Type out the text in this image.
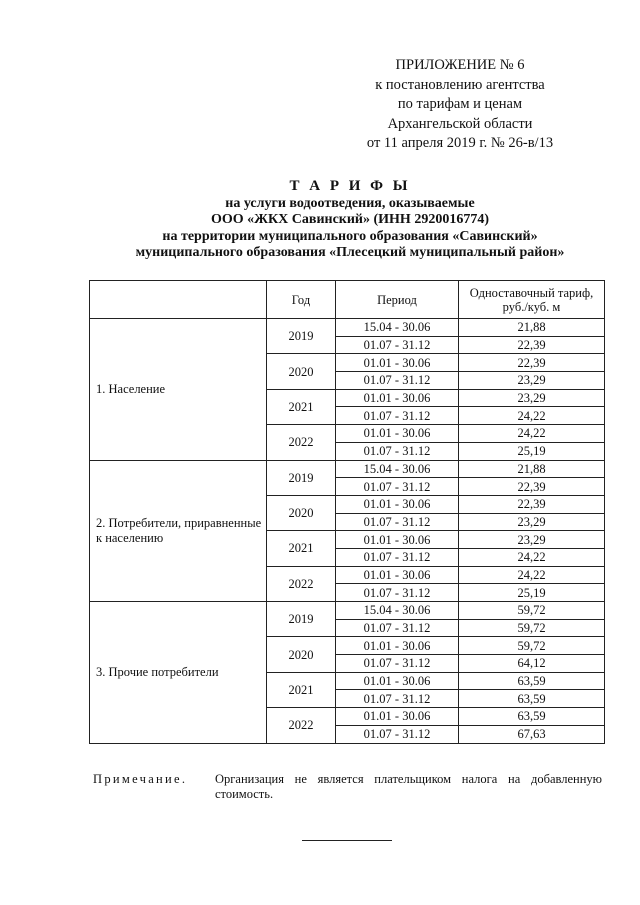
ПРИЛОЖЕНИЕ № 6
к постановлению агентства
по тарифам и ценам
Архангельской области
от 11 апреля 2019 г. № 26-в/13
Т А Р И Ф Ы
на услуги водоотведения, оказываемые
ООО «ЖКХ Савинский» (ИНН 2920016774)
на территории муниципального образования «Савинский»
муниципального образования «Плесецкий муниципальный район»
	Год	Период	Одноставочный тариф, руб./куб. м
1. Население	2019	15.04 - 30.06	21,88
		01.07 - 31.12	22,39
	2020	01.01 - 30.06	22,39
		01.07 - 31.12	23,29
	2021	01.01 - 30.06	23,29
		01.07 - 31.12	24,22
	2022	01.01 - 30.06	24,22
		01.07 - 31.12	25,19
2. Потребители, приравненные к населению	2019	15.04 - 30.06	21,88
		01.07 - 31.12	22,39
	2020	01.01 - 30.06	22,39
		01.07 - 31.12	23,29
	2021	01.01 - 30.06	23,29
		01.07 - 31.12	24,22
	2022	01.01 - 30.06	24,22
		01.07 - 31.12	25,19
3. Прочие потребители	2019	15.04 - 30.06	59,72
		01.07 - 31.12	59,72
	2020	01.01 - 30.06	59,72
		01.07 - 31.12	64,12
	2021	01.01 - 30.06	63,59
		01.07 - 31.12	63,59
	2022	01.01 - 30.06	63,59
		01.07 - 31.12	67,63
Примечание. Организация не является плательщиком налога на добавленную стоимость.
